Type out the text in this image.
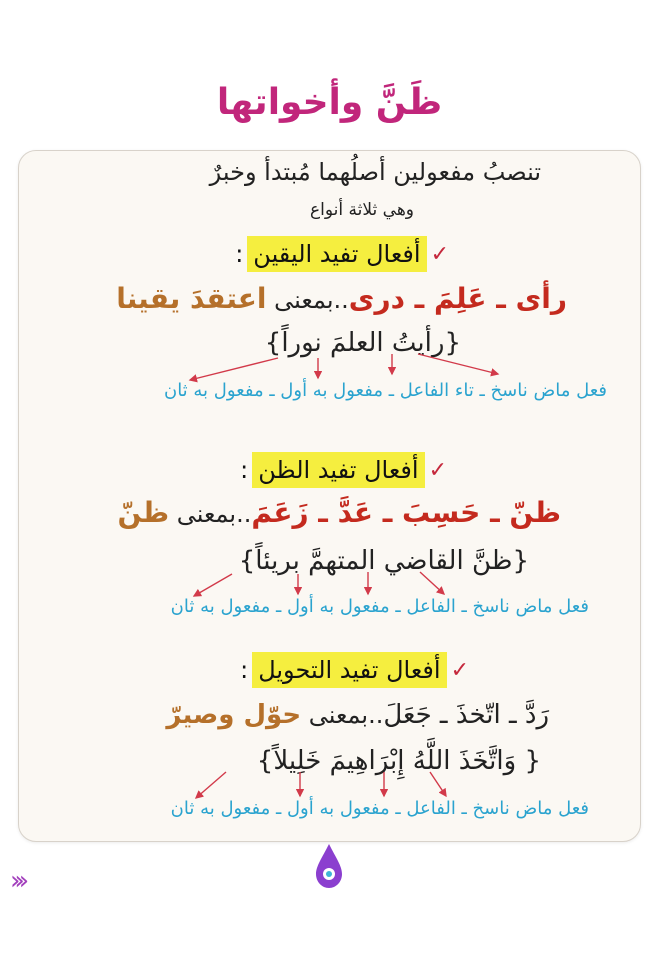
ظَنَّ وأخواتها
تنصبُ مفعولين أصلُهما مُبتدأ وخبرٌ
وهي ثلاثة أنواع
✓
أفعال تفيد اليقين
:
رأى ـ عَلِمَ ـ درى..بمعنى اعتقدَ يقينا
{رأيتُ العلمَ نوراً}
فعل ماض ناسخ ـ تاء الفاعل ـ مفعول به أول ـ مفعول به ثان
✓
أفعال تفيد الظن
:
ظنّ ـ حَسِبَ ـ عَدَّ ـ زَعَمَ..بمعنى ظنّ
{ظنَّ القاضي المتهمَّ بريئاً}
فعل ماض ناسخ ـ الفاعل ـ مفعول به أول ـ مفعول به ثان
✓
أفعال تفيد التحويل
:
رَدَّ ـ اتّخذَ ـ جَعَلَ..بمعنى حوّل وصيرّ
{ وَاتَّخَذَ اللَّهُ إِبْرَاهِيمَ خَلِيلاً}
فعل ماض ناسخ ـ الفاعل ـ مفعول به أول ـ مفعول به ثان
‹‹‹
